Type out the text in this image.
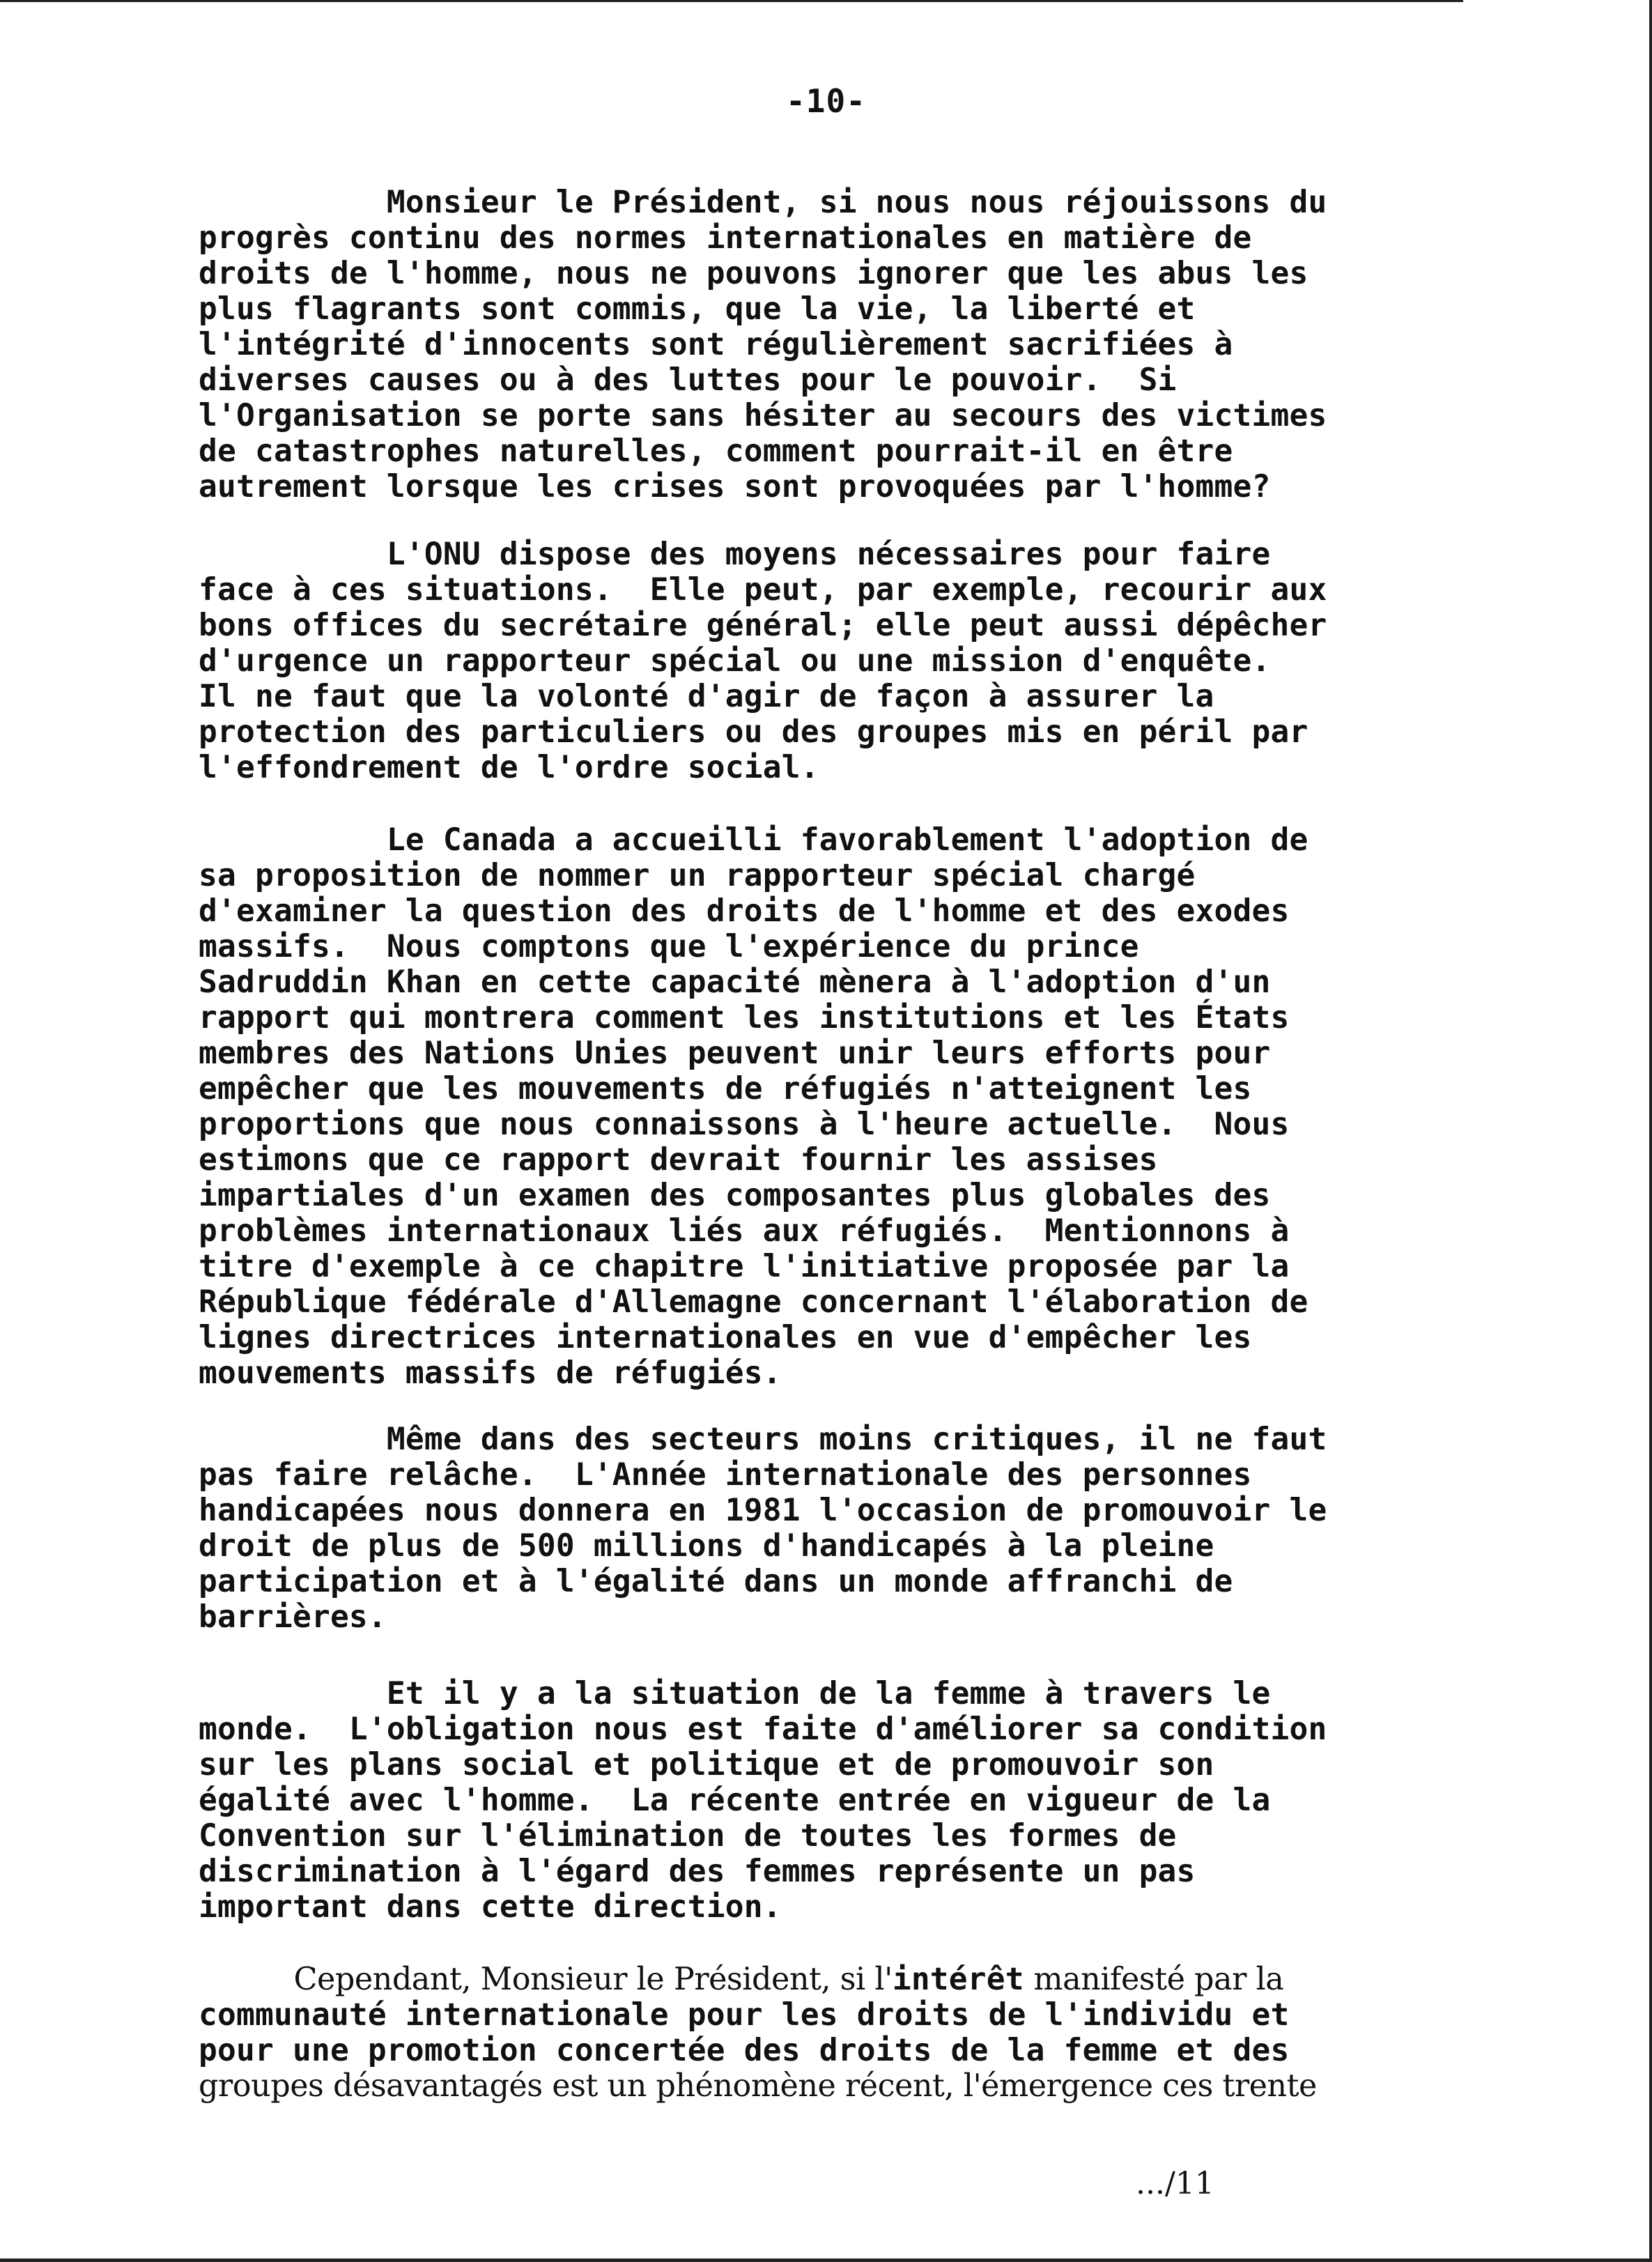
-10-

Monsieur le Président, si nous nous réjouissons du
progrès continu des normes internationales en matière de
droits de l'homme, nous ne pouvons ignorer que les abus les
plus flagrants sont commis, que la vie, la liberté et
l'intégrité d'innocents sont régulièrement sacrifiées à
diverses causes ou à des luttes pour le pouvoir.  Si
l'Organisation se porte sans hésiter au secours des victimes
de catastrophes naturelles, comment pourrait-il en être
autrement lorsque les crises sont provoquées par l'homme?

L'ONU dispose des moyens nécessaires pour faire
face à ces situations.  Elle peut, par exemple, recourir aux
bons offices du secrétaire général; elle peut aussi dépêcher
d'urgence un rapporteur spécial ou une mission d'enquête.
Il ne faut que la volonté d'agir de façon à assurer la
protection des particuliers ou des groupes mis en péril par
l'effondrement de l'ordre social.

Le Canada a accueilli favorablement l'adoption de
sa proposition de nommer un rapporteur spécial chargé
d'examiner la question des droits de l'homme et des exodes
massifs.  Nous comptons que l'expérience du prince
Sadruddin Khan en cette capacité mènera à l'adoption d'un
rapport qui montrera comment les institutions et les États
membres des Nations Unies peuvent unir leurs efforts pour
empêcher que les mouvements de réfugiés n'atteignent les
proportions que nous connaissons à l'heure actuelle.  Nous
estimons que ce rapport devrait fournir les assises
impartiales d'un examen des composantes plus globales des
problèmes internationaux liés aux réfugiés.  Mentionnons à
titre d'exemple à ce chapitre l'initiative proposée par la
République fédérale d'Allemagne concernant l'élaboration de
lignes directrices internationales en vue d'empêcher les
mouvements massifs de réfugiés.

Même dans des secteurs moins critiques, il ne faut
pas faire relâche.  L'Année internationale des personnes
handicapées nous donnera en 1981 l'occasion de promouvoir le
droit de plus de 500 millions d'handicapés à la pleine
participation et à l'égalité dans un monde affranchi de
barrières.

Et il y a la situation de la femme à travers le
monde.  L'obligation nous est faite d'améliorer sa condition
sur les plans social et politique et de promouvoir son
égalité avec l'homme.  La récente entrée en vigueur de la
Convention sur l'élimination de toutes les formes de
discrimination à l'égard des femmes représente un pas
important dans cette direction.

Cependant, Monsieur le Président, si l'intérêt manifesté par la
communauté internationale pour les droits de l'individu et
pour une promotion concertée des droits de la femme et des
groupes désavantagés est un phénomène récent, l'émergence ces trente

.../11
